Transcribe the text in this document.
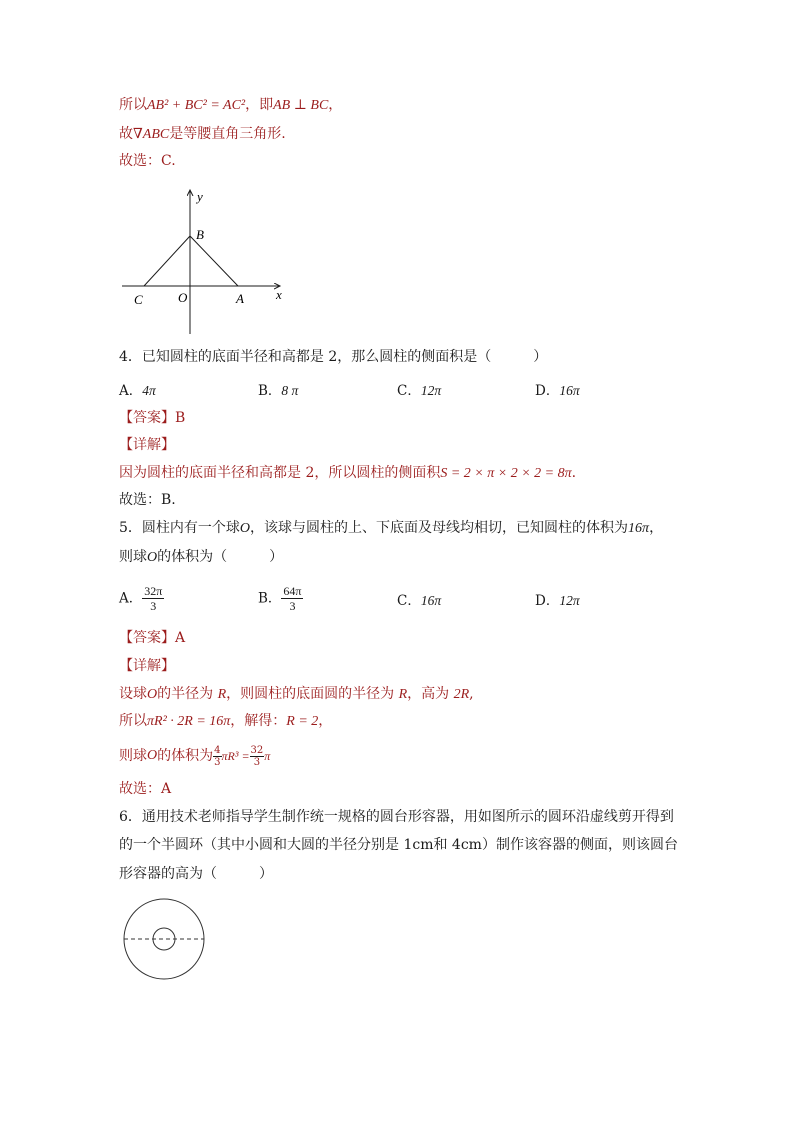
所以AB² + BC² = AC²，即AB ⊥ BC，
故∇ABC是等腰直角三角形.
故选：C.
x
y
B
C	O	A
4．已知圆柱的底面半径和高都是 2，那么圆柱的侧面积是（　　　）
A．4π	B．8 π	C．12π	D．16π
【答案】B
【详解】
因为圆柱的底面半径和高都是 2，所以圆柱的侧面积S = 2 × π × 2 × 2 = 8π.
故选：B.
5．圆柱内有一个球O，该球与圆柱的上、下底面及母线均相切，已知圆柱的体积为16π，
则球O的体积为（　　　）
A． $\frac{32\pi}{3}$	B． $\frac{64\pi}{3}$	C．16π	D．12π
【答案】A
【详解】
设球O的半径为 R，则圆柱的底面圆的半径为 R，高为 2R,
所以πR² · 2R = 16π，解得：R = 2，
则球O的体积为 $\frac{4}{3} \pi R^3 = \frac{32}{3}$ π
故选：A
6．通用技术老师指导学生制作统一规格的圆台形容器，用如图所示的圆环沿虚线剪开得到
的一个半圆环（其中小圆和大圆的半径分别是 1cm和 4cm）制作该容器的侧面，则该圆台
形容器的高为（　　　）
